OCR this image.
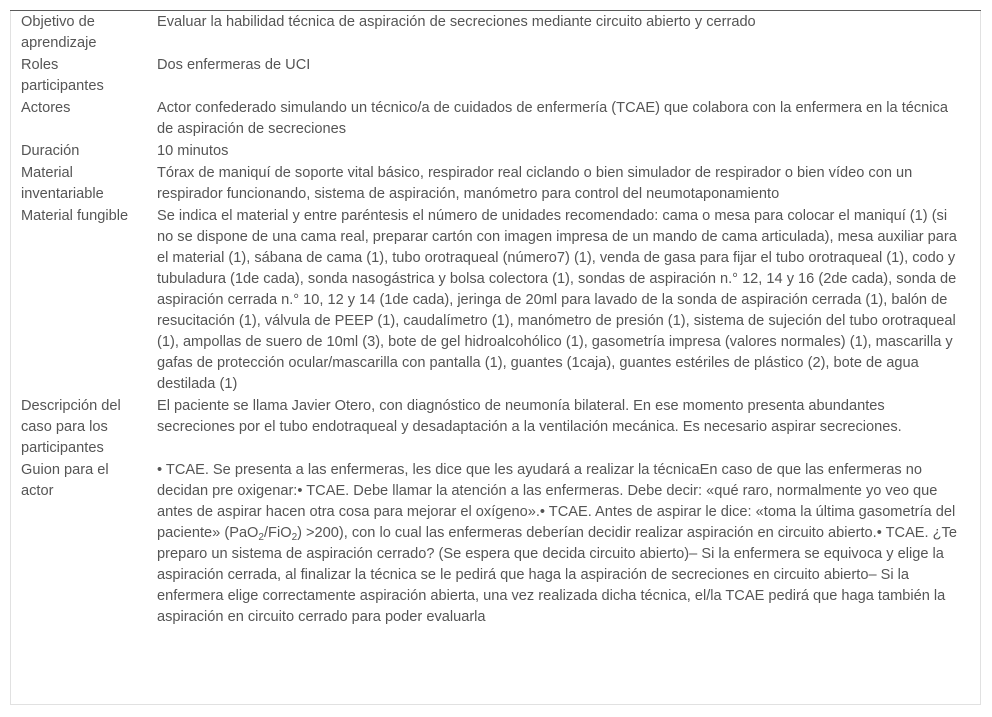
Objetivo de aprendizaje	Evaluar la habilidad técnica de aspiración de secreciones mediante circuito abierto y cerrado
Roles participantes	Dos enfermeras de UCI
Actores	Actor confederado simulando un técnico/a de cuidados de enfermería (TCAE) que colabora con la enfermera en la técnica de aspiración de secreciones
Duración	10 minutos
Material inventariable	Tórax de maniquí de soporte vital básico, respirador real ciclando o bien simulador de respirador o bien vídeo con un respirador funcionando, sistema de aspiración, manómetro para control del neumotaponamiento
Material fungible	Se indica el material y entre paréntesis el número de unidades recomendado: cama o mesa para colocar el maniquí (1) (si no se dispone de una cama real, preparar cartón con imagen impresa de un mando de cama articulada), mesa auxiliar para el material (1), sábana de cama (1), tubo orotraqueal (número7) (1), venda de gasa para fijar el tubo orotraqueal (1), codo y tubuladura (1de cada), sonda nasogástrica y bolsa colectora (1), sondas de aspiración n.° 12, 14 y 16 (2de cada), sonda de aspiración cerrada n.° 10, 12 y 14 (1de cada), jeringa de 20ml para lavado de la sonda de aspiración cerrada (1), balón de resucitación (1), válvula de PEEP (1), caudalímetro (1), manómetro de presión (1), sistema de sujeción del tubo orotraqueal (1), ampollas de suero de 10ml (3), bote de gel hidroalcohólico (1), gasometría impresa (valores normales) (1), mascarilla y gafas de protección ocular/mascarilla con pantalla (1), guantes (1caja), guantes estériles de plástico (2), bote de agua destilada (1)
Descripción del caso para los participantes	El paciente se llama Javier Otero, con diagnóstico de neumonía bilateral. En ese momento presenta abundantes secreciones por el tubo endotraqueal y desadaptación a la ventilación mecánica. Es necesario aspirar secreciones.
Guion para el actor	• TCAE. Se presenta a las enfermeras, les dice que les ayudará a realizar la técnicaEn caso de que las enfermeras no decidan pre oxigenar:• TCAE. Debe llamar la atención a las enfermeras. Debe decir: «qué raro, normalmente yo veo que antes de aspirar hacen otra cosa para mejorar el oxígeno».• TCAE. Antes de aspirar le dice: «toma la última gasometría del paciente» (PaO$_2$/FiO$_2$) >200), con lo cual las enfermeras deberían decidir realizar aspiración en circuito abierto.• TCAE. ¿Te preparo un sistema de aspiración cerrado? (Se espera que decida circuito abierto)– Si la enfermera se equivoca y elige la aspiración cerrada, al finalizar la técnica se le pedirá que haga la aspiración de secreciones en circuito abierto– Si la enfermera elige correctamente aspiración abierta, una vez realizada dicha técnica, el/la TCAE pedirá que haga también la aspiración en circuito cerrado para poder evaluarla
